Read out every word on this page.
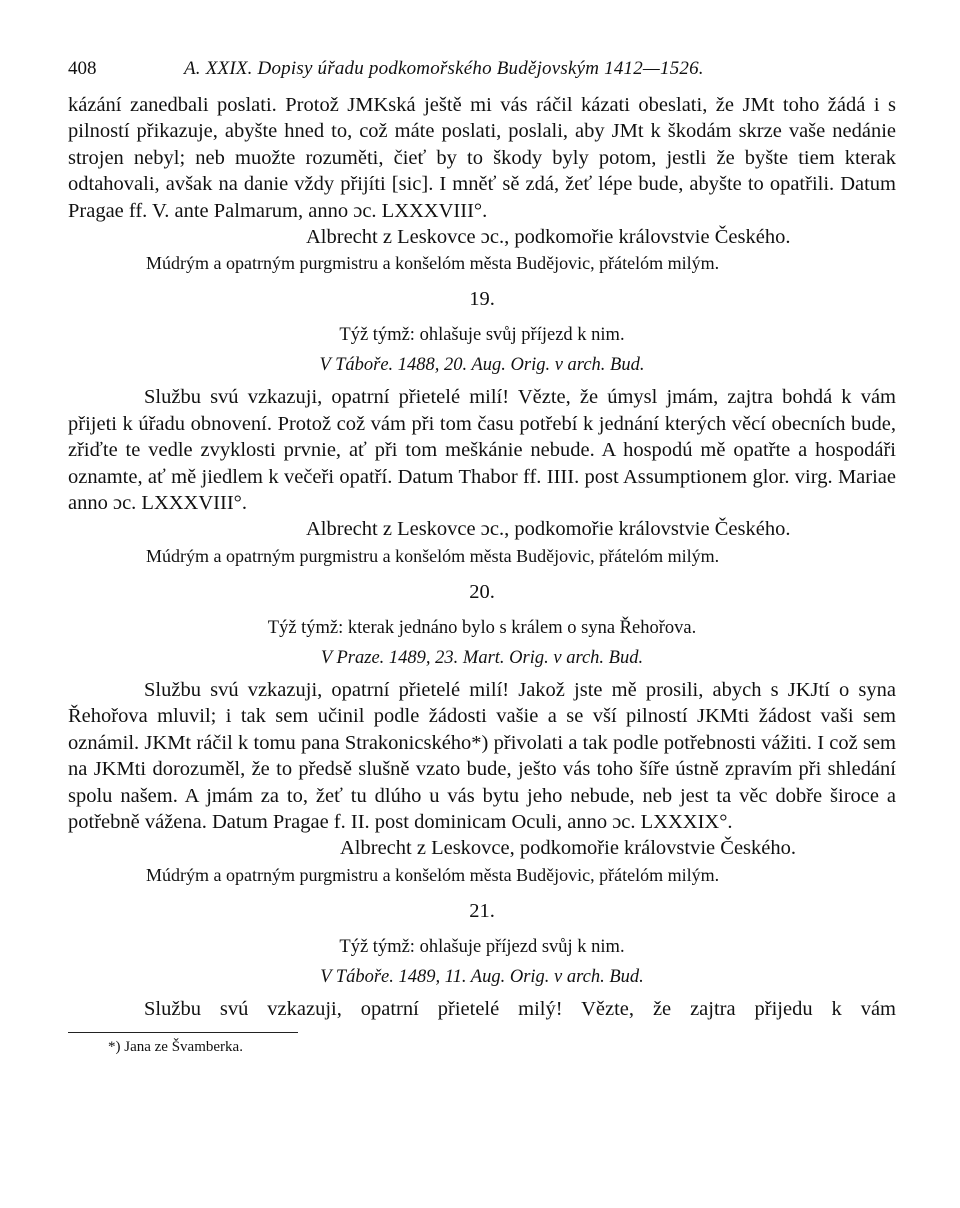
408	A. XXIX. Dopisy úřadu podkomořského Budějovským 1412—1526.

kázání zanedbali poslati. Protož JMKská ještě mi vás ráčil kázati obeslati, že JMt toho žádá i s pilností přikazuje, abyšte hned to, což máte poslati, poslali, aby JMt k škodám skrze vaše nedánie strojen nebyl; neb muožte rozuměti, čieť by to škody byly potom, jestli že byšte tiem kterak odtahovali, avšak na danie vždy přijíti [sic]. I mněť sě zdá, žeť lépe bude, abyšte to opatřili. Datum Pragae ff. V. ante Palmarum, anno ɔc. LXXXVIII°.

Albrecht z Leskovce ɔc., podkomořie královstvie Českého.
Múdrým a opatrným purgmistru a konšelóm města Budějovic, přátelóm milým.
19.
Týž týmž: ohlašuje svůj příjezd k nim.
V Táboře. 1488, 20. Aug. Orig. v arch. Bud.

Službu svú vzkazuji, opatrní přietelé milí! Vězte, že úmysl jmám, zajtra bohdá k vám přijeti k úřadu obnovení. Protož což vám při tom času potřebí k jednání kterých věcí obecních bude, zřiďte te vedle zvyklosti prvnie, ať při tom meškánie nebude. A hospodú mě opatřte a hospodáři oznamte, ať mě jiedlem k večeři opatří. Datum Thabor ff. IIII. post Assumptionem glor. virg. Mariae anno ɔc. LXXXVIII°.

Albrecht z Leskovce ɔc., podkomořie královstvie Českého.
Múdrým a opatrným purgmistru a konšelóm města Budějovic, přátelóm milým.
20.
Týž týmž: kterak jednáno bylo s králem o syna Řehořova.
V Praze. 1489, 23. Mart. Orig. v arch. Bud.

Službu svú vzkazuji, opatrní přietelé milí! Jakož jste mě prosili, abych s JKJtí o syna Řehořova mluvil; i tak sem učinil podle žádosti vašie a se vší pilností JKMti žádost vaši sem oznámil. JKMt ráčil k tomu pana Strakonicského*) přivolati a tak podle potřebnosti vážiti. I což sem na JKMti dorozuměl, že to předsě slušně vzato bude, ješto vás toho šíře ústně zpravím při shledání spolu našem. A jmám za to, žeť tu dlúho u vás bytu jeho nebude, neb jest ta věc dobře široce a potřebně vážena. Datum Pragae f. II. post dominicam Oculi, anno ɔc. LXXXIX°.

Albrecht z Leskovce, podkomořie královstvie Českého.
Múdrým a opatrným purgmistru a konšelóm města Budějovic, přátelóm milým.
21.
Týž týmž: ohlašuje příjezd svůj k nim.
V Táboře. 1489, 11. Aug. Orig. v arch. Bud.

Službu svú vzkazuji, opatrní přietelé milý! Vězte, že zajtra přijedu k vám

*) Jana ze Švamberka.
